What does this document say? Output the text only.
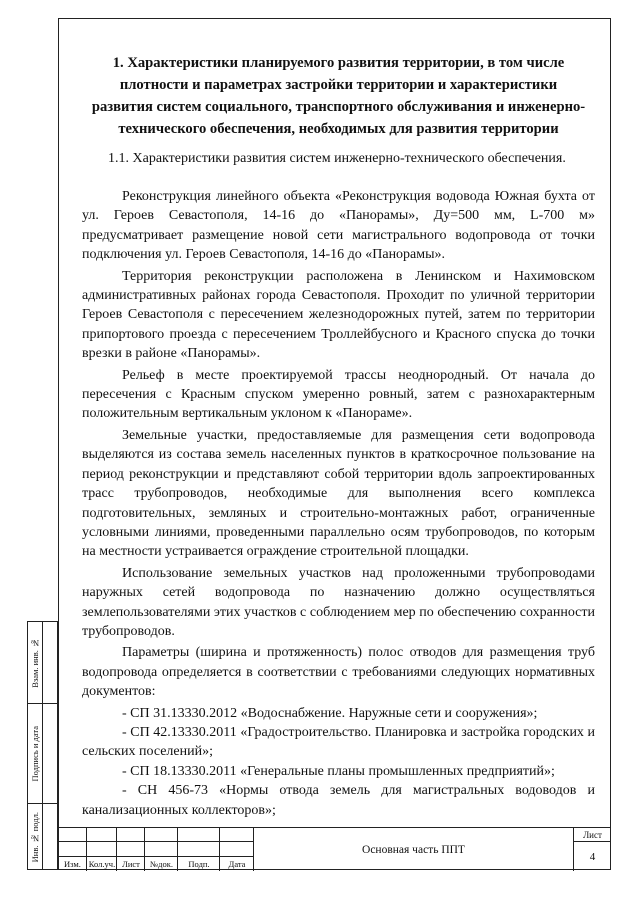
1. Характеристики планируемого развития территории, в том числе плотности и параметрах застройки территории и характеристики развития систем социального, транспортного обслуживания и инженерно-технического обеспечения, необходимых для развития территории

1.1. Характеристики развития систем инженерно-технического обеспечения.

Реконструкция линейного объекта «Реконструкция водовода Южная бухта от ул. Героев Севастополя, 14-16 до «Панорамы», Ду=500 мм, L-700 м» предусматривает размещение новой сети магистрального водопровода от точки подключения ул. Героев Севастополя, 14-16 до «Панорамы».

Территория реконструкции расположена в Ленинском и Нахимовском административных районах города Севастополя. Проходит по уличной территории Героев Севастополя с пересечением железнодорожных путей, затем по территории припортового проезда с пересечением Троллейбусного и Красного спуска до точки врезки в районе «Панорамы».

Рельеф в месте проектируемой трассы неоднородный. От начала до пересечения с Красным спуском умеренно ровный, затем с разнохарактерным положительным вертикальным уклоном к «Панораме».

Земельные участки, предоставляемые для размещения сети водопровода выделяются из состава земель населенных пунктов в краткосрочное пользование на период реконструкции и представляют собой территории вдоль запроектированных трасс трубопроводов, необходимые для выполнения всего комплекса подготовительных, земляных и строительно-монтажных работ, ограниченные условными линиями, проведенными параллельно осям трубопроводов, по которым на местности устраивается ограждение строительной площадки.

Использование земельных участков над проложенными трубопроводами наружных сетей водопровода по назначению должно осуществляться землепользователями этих участков с соблюдением мер по обеспечению сохранности трубопроводов.

Параметры (ширина и протяженность) полос отводов для размещения труб водопровода определяется в соответствии с требованиями следующих нормативных документов:

- СП 31.13330.2012 «Водоснабжение. Наружные сети и сооружения»;

- СП 42.13330.2011 «Градостроительство. Планировка и застройка городских и сельских поселений»;

- СП 18.13330.2011 «Генеральные планы промышленных предприятий»;

- СН 456-73 «Нормы отвода земель для магистральных водоводов и канализационных коллекторов»;

Взам. инв. №
Подпись и дата
Инв. № подл.
Изм. Кол.уч. Лист	№док.	Подп.	Дата
Основная часть ППТ
Лист
4
